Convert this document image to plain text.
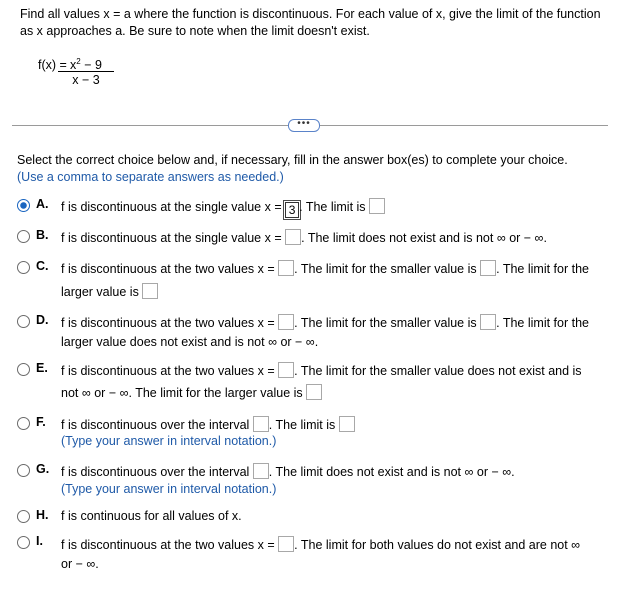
Find all values x = a where the function is discontinuous. For each value of x, give the limit of the function
as x approaches a. Be sure to note when the limit doesn't exist.
$f(x) = x^2 - 9$
x − 3
•••
Select the correct choice below and, if necessary, fill in the answer box(es) to complete your choice.
(Use a comma to separate answers as needed.)
A. f is discontinuous at the single value x = 3 . The limit is
B. f is discontinuous at the single value x = . The limit does not exist and is not ∞ or − ∞.
C. f is discontinuous at the two values x = . The limit for the smaller value is . The limit for the
larger value is
D. f is discontinuous at the two values x = . The limit for the smaller value is . The limit for the
larger value does not exist and is not ∞ or − ∞.
E. f is discontinuous at the two values x = . The limit for the smaller value does not exist and is
not ∞ or − ∞. The limit for the larger value is
F. f is discontinuous over the interval . The limit is
(Type your answer in interval notation.)
G. f is discontinuous over the interval . The limit does not exist and is not ∞ or − ∞.
(Type your answer in interval notation.)
H. f is continuous for all values of x.
I. f is discontinuous at the two values x = . The limit for both values do not exist and are not ∞
or − ∞.
